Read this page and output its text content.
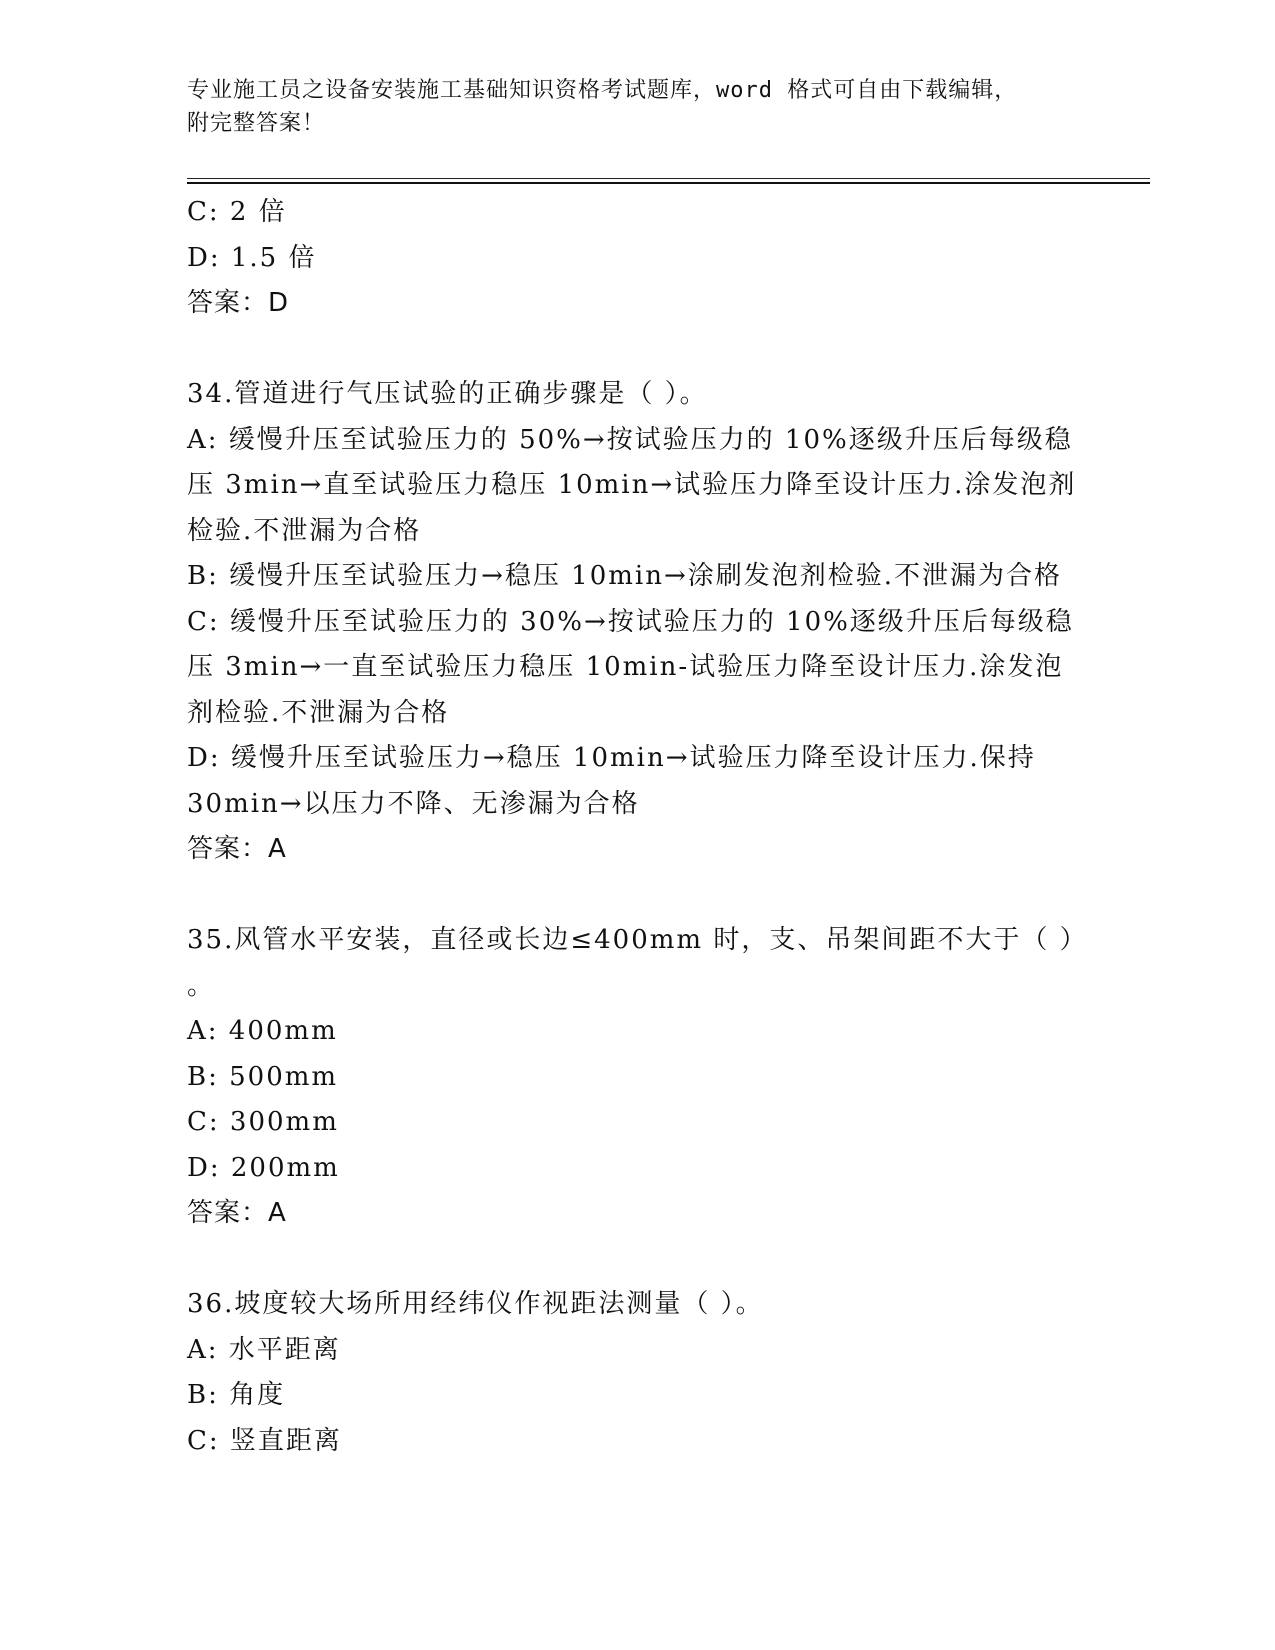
专业施工员之设备安装施工基础知识资格考试题库，word 格式可自由下载编辑，
附完整答案！

C: 2 倍

D: 1.5 倍

答案：D

34.管道进行气压试验的正确步骤是（ ）。

A: 缓慢升压至试验压力的 50%→按试验压力的 10%逐级升压后每级稳

压 3min→直至试验压力稳压 10min→试验压力降至设计压力.涂发泡剂

检验.不泄漏为合格

B: 缓慢升压至试验压力→稳压 10min→涂刷发泡剂检验.不泄漏为合格

C: 缓慢升压至试验压力的 30%→按试验压力的 10%逐级升压后每级稳

压 3min→一直至试验压力稳压 10min-试验压力降至设计压力.涂发泡

剂检验.不泄漏为合格

D: 缓慢升压至试验压力→稳压 10min→试验压力降至设计压力.保持

30min→以压力不降、无渗漏为合格

答案：A

35.风管水平安装，直径或长边≤400mm 时，支、吊架间距不大于（ ）

。

A: 400mm

B: 500mm

C: 300mm

D: 200mm

答案：A

36.坡度较大场所用经纬仪作视距法测量（ ）。

A: 水平距离

B: 角度

C: 竖直距离
